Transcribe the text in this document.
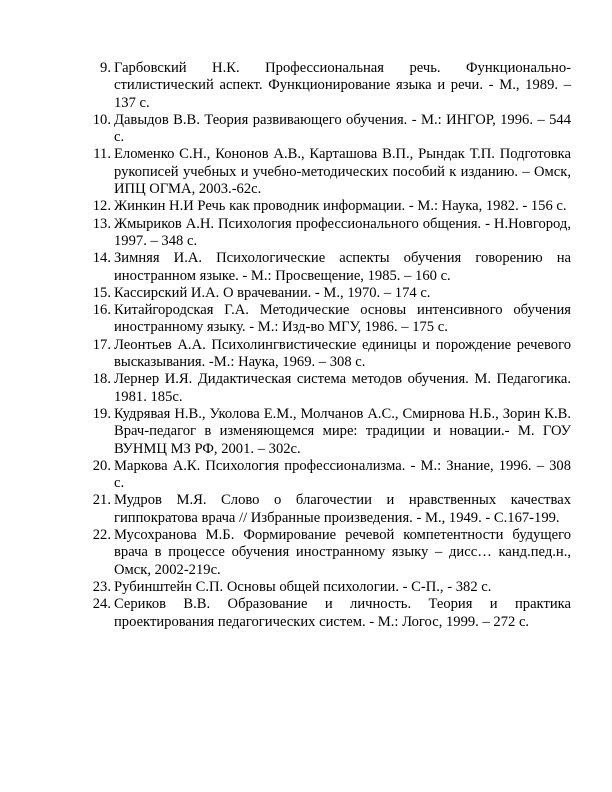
9. Гарбовский Н.К. Профессиональная речь. Функционально-стилистический аспект. Функционирование языка и речи. - М., 1989. – 137 с.
10. Давыдов В.В. Теория развивающего обучения. - М.: ИНГОР, 1996. – 544 с.
11. Еломенко С.Н., Кононов А.В., Карташова В.П., Рындак Т.П. Подготовка рукописей учебных и учебно-методических пособий к изданию. – Омск, ИПЦ ОГМА, 2003.-62с.
12. Жинкин Н.И Речь как проводник информации. - М.: Наука, 1982. - 156 с.
13. Жмыриков А.Н. Психология профессионального общения. - Н.Новгород, 1997. – 348 с.
14. Зимняя И.А. Психологические аспекты обучения говорению на иностранном языке. - М.: Просвещение, 1985. – 160 с.
15. Кассирский И.А. О врачевании. - М., 1970. – 174 с.
16. Китайгородская Г.А. Методические основы интенсивного обучения иностранному языку. - М.: Изд-во МГУ, 1986. – 175 с.
17. Леонтьев А.А. Психолингвистические единицы и порождение речевого высказывания. -М.: Наука, 1969. – 308 с.
18. Лернер И.Я. Дидактическая система методов обучения. М. Педагогика. 1981. 185с.
19. Кудрявая Н.В., Уколова Е.М., Молчанов А.С., Смирнова Н.Б., Зорин К.В. Врач-педагог в изменяющемся мире: традиции и новации.- М. ГОУ ВУНМЦ МЗ РФ, 2001. – 302с.
20. Маркова А.К. Психология профессионализма. - М.: Знание, 1996. – 308 с.
21. Мудров М.Я. Слово о благочестии и нравственных качествах гиппократова врача // Избранные произведения. - М., 1949. - С.167-199.
22. Мусохранова М.Б. Формирование речевой компетентности будущего врача в процессе обучения иностранному языку – дисс… канд.пед.н., Омск, 2002-219с.
23. Рубинштейн С.П. Основы общей психологии. - С-П., - 382 с.
24. Сериков В.В. Образование и личность. Теория и практика проектирования педагогических систем. - М.: Логос, 1999. – 272 с.
